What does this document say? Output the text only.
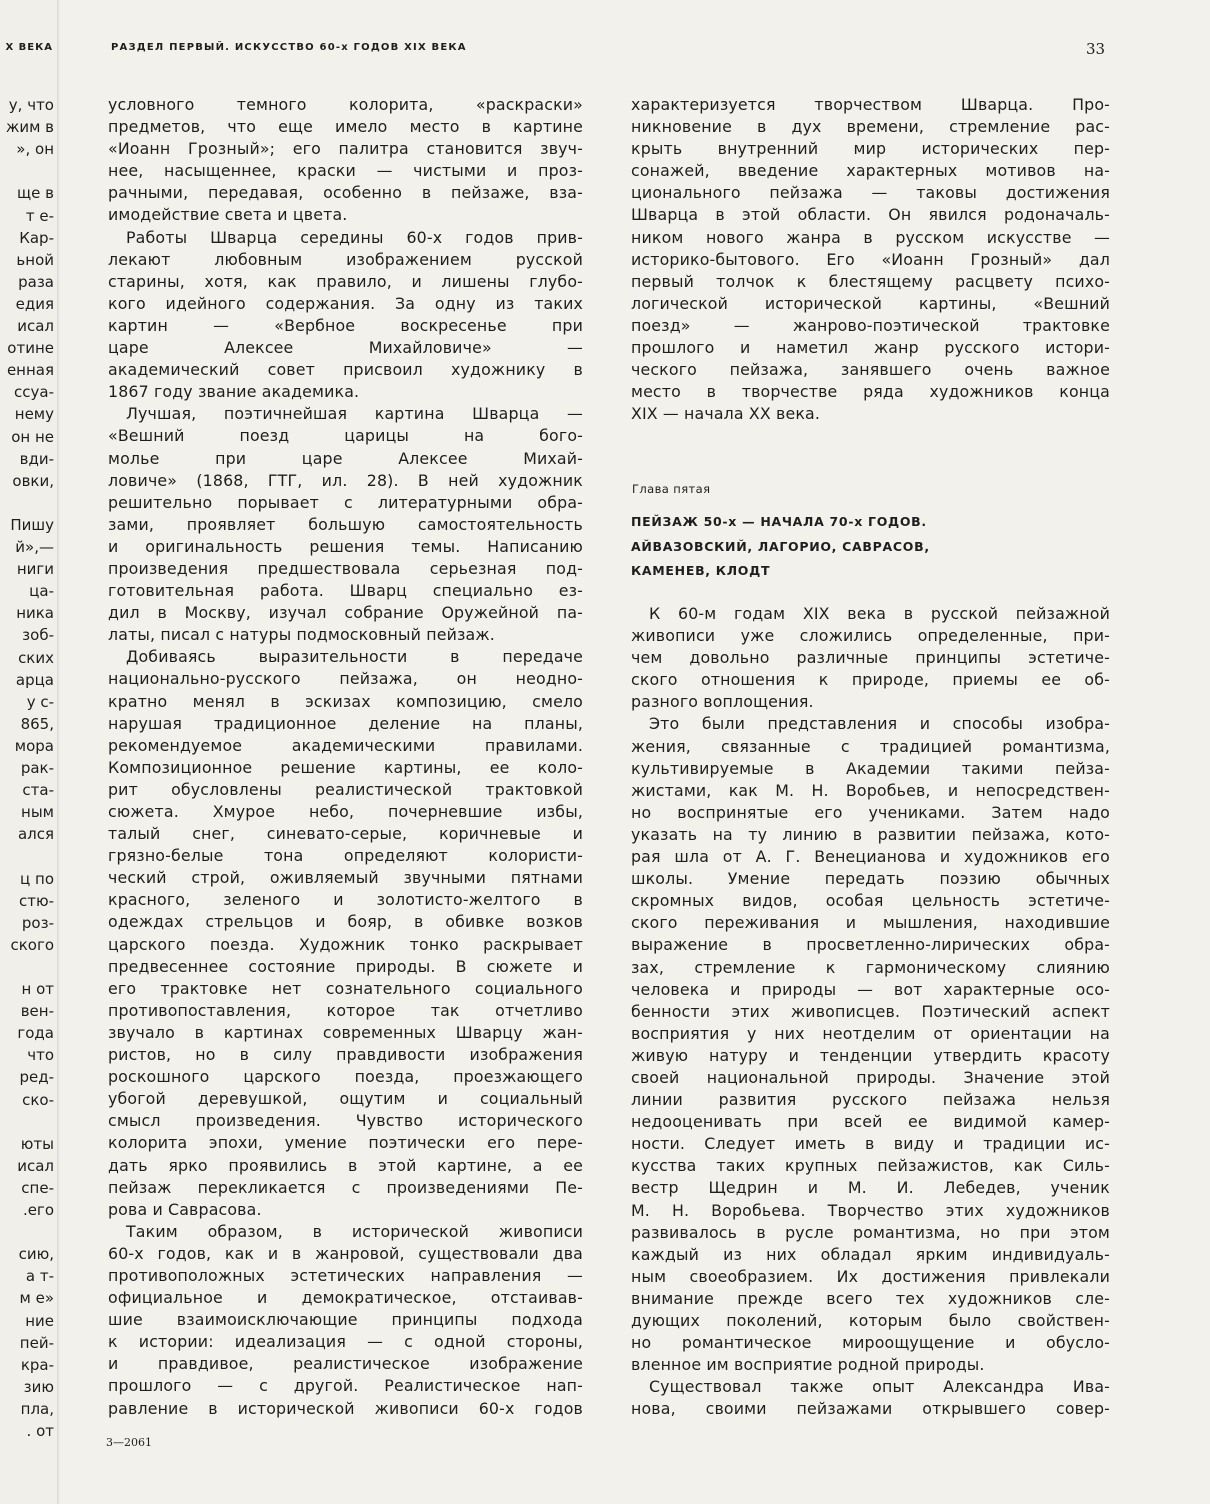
Х ВЕКА
у, что
жим в
», он
ще в
т е-
Кар-
ьной
раза
едия
исал
отине
енная
ссуа-
нему
он не
вди-
овки,
Пишу
й»,—
ниги
ца-
ника
зоб-
ских
арца
у с-
865,
мора
рак-
ста-
ным
ался
ц по
стю-
роз-
ского
н от
вен-
года
что
ред-
ско-
юты
исал
спе-
.его
сию,
а т-
м е»
ние
пей-
кра-
зию
пла,
. от
РАЗДЕЛ ПЕРВЫЙ. ИСКУССТВО 60-х ГОДОВ XIX ВЕКА	33
условного темного колорита, «раскраски»
предметов, что еще имело место в картине
«Иоанн Грозный»; его палитра становится звуч-
нее, насыщеннее, краски — чистыми и проз-
рачными, передавая, особенно в пейзаже, вза-
имодействие света и цвета.
Работы Шварца середины 60-х годов прив-
лекают любовным изображением русской
старины, хотя, как правило, и лишены глубо-
кого идейного содержания. За одну из таких
картин — «Вербное воскресенье при
царе Алексее Михайловиче» —
академический совет присвоил художнику в
1867 году звание академика.
Лучшая, поэтичнейшая картина Шварца —
«Вешний поезд царицы на бого-
молье при царе Алексее Михай-
ловиче» (1868, ГТГ, ил. 28). В ней художник
решительно порывает с литературными обра-
зами, проявляет большую самостоятельность
и оригинальность решения темы. Написанию
произведения предшествовала серьезная под-
готовительная работа. Шварц специально ез-
дил в Москву, изучал собрание Оружейной па-
латы, писал с натуры подмосковный пейзаж.
Добиваясь выразительности в передаче
национально-русского пейзажа, он неодно-
кратно менял в эскизах композицию, смело
нарушая традиционное деление на планы,
рекомендуемое академическими правилами.
Композиционное решение картины, ее коло-
рит обусловлены реалистической трактовкой
сюжета. Хмурое небо, почерневшие избы,
талый снег, синевато-серые, коричневые и
грязно-белые тона определяют колористи-
ческий строй, оживляемый звучными пятнами
красного, зеленого и золотисто-желтого в
одеждах стрельцов и бояр, в обивке возков
царского поезда. Художник тонко раскрывает
предвесеннее состояние природы. В сюжете и
его трактовке нет сознательного социального
противопоставления, которое так отчетливо
звучало в картинах современных Шварцу жан-
ристов, но в силу правдивости изображения
роскошного царского поезда, проезжающего
убогой деревушкой, ощутим и социальный
смысл произведения. Чувство исторического
колорита эпохи, умение поэтически его пере-
дать ярко проявились в этой картине, а ее
пейзаж перекликается с произведениями Пе-
рова и Саврасова.
Таким образом, в исторической живописи
60-х годов, как и в жанровой, существовали два
противоположных эстетических направления —
официальное и демократическое, отстаивав-
шие взаимоисключающие принципы подхода
к истории: идеализация — с одной стороны,
и правдивое, реалистическое изображение
прошлого — с другой. Реалистическое нап-
равление в исторической живописи 60-х годов
характеризуется творчеством Шварца. Про-
никновение в дух времени, стремление рас-
крыть внутренний мир исторических пер-
сонажей, введение характерных мотивов на-
ционального пейзажа — таковы достижения
Шварца в этой области. Он явился родоначаль-
ником нового жанра в русском искусстве —
историко-бытового. Его «Иоанн Грозный» дал
первый толчок к блестящему расцвету психо-
логической исторической картины, «Вешний
поезд» — жанрово-поэтической трактовке
прошлого и наметил жанр русского истори-
ческого пейзажа, занявшего очень важное
место в творчестве ряда художников конца
XIX — начала XX века.
Глава пятая
ПЕЙЗАЖ 50-х — НАЧАЛА 70-х ГОДОВ.
АЙВАЗОВСКИЙ, ЛАГОРИО, САВРАСОВ,
КАМЕНЕВ, КЛОДТ
К 60-м годам XIX века в русской пейзажной
живописи уже сложились определенные, при-
чем довольно различные принципы эстетиче-
ского отношения к природе, приемы ее об-
разного воплощения.
Это были представления и способы изобра-
жения, связанные с традицией романтизма,
культивируемые в Академии такими пейза-
жистами, как М. Н. Воробьев, и непосредствен-
но воспринятые его учениками. Затем надо
указать на ту линию в развитии пейзажа, кото-
рая шла от А. Г. Венецианова и художников его
школы. Умение передать поэзию обычных
скромных видов, особая цельность эстетиче-
ского переживания и мышления, находившие
выражение в просветленно-лирических обра-
зах, стремление к гармоническому слиянию
человека и природы — вот характерные осо-
бенности этих живописцев. Поэтический аспект
восприятия у них неотделим от ориентации на
живую натуру и тенденции утвердить красоту
своей национальной природы. Значение этой
линии развития русского пейзажа нельзя
недооценивать при всей ее видимой камер-
ности. Следует иметь в виду и традиции ис-
кусства таких крупных пейзажистов, как Силь-
вестр Щедрин и М. И. Лебедев, ученик
М. Н. Воробьева. Творчество этих художников
развивалось в русле романтизма, но при этом
каждый из них обладал ярким индивидуаль-
ным своеобразием. Их достижения привлекали
внимание прежде всего тех художников сле-
дующих поколений, которым было свойствен-
но романтическое мироощущение и обусло-
вленное им восприятие родной природы.
Существовал также опыт Александра Ива-
нова, своими пейзажами открывшего совер-
3—2061
